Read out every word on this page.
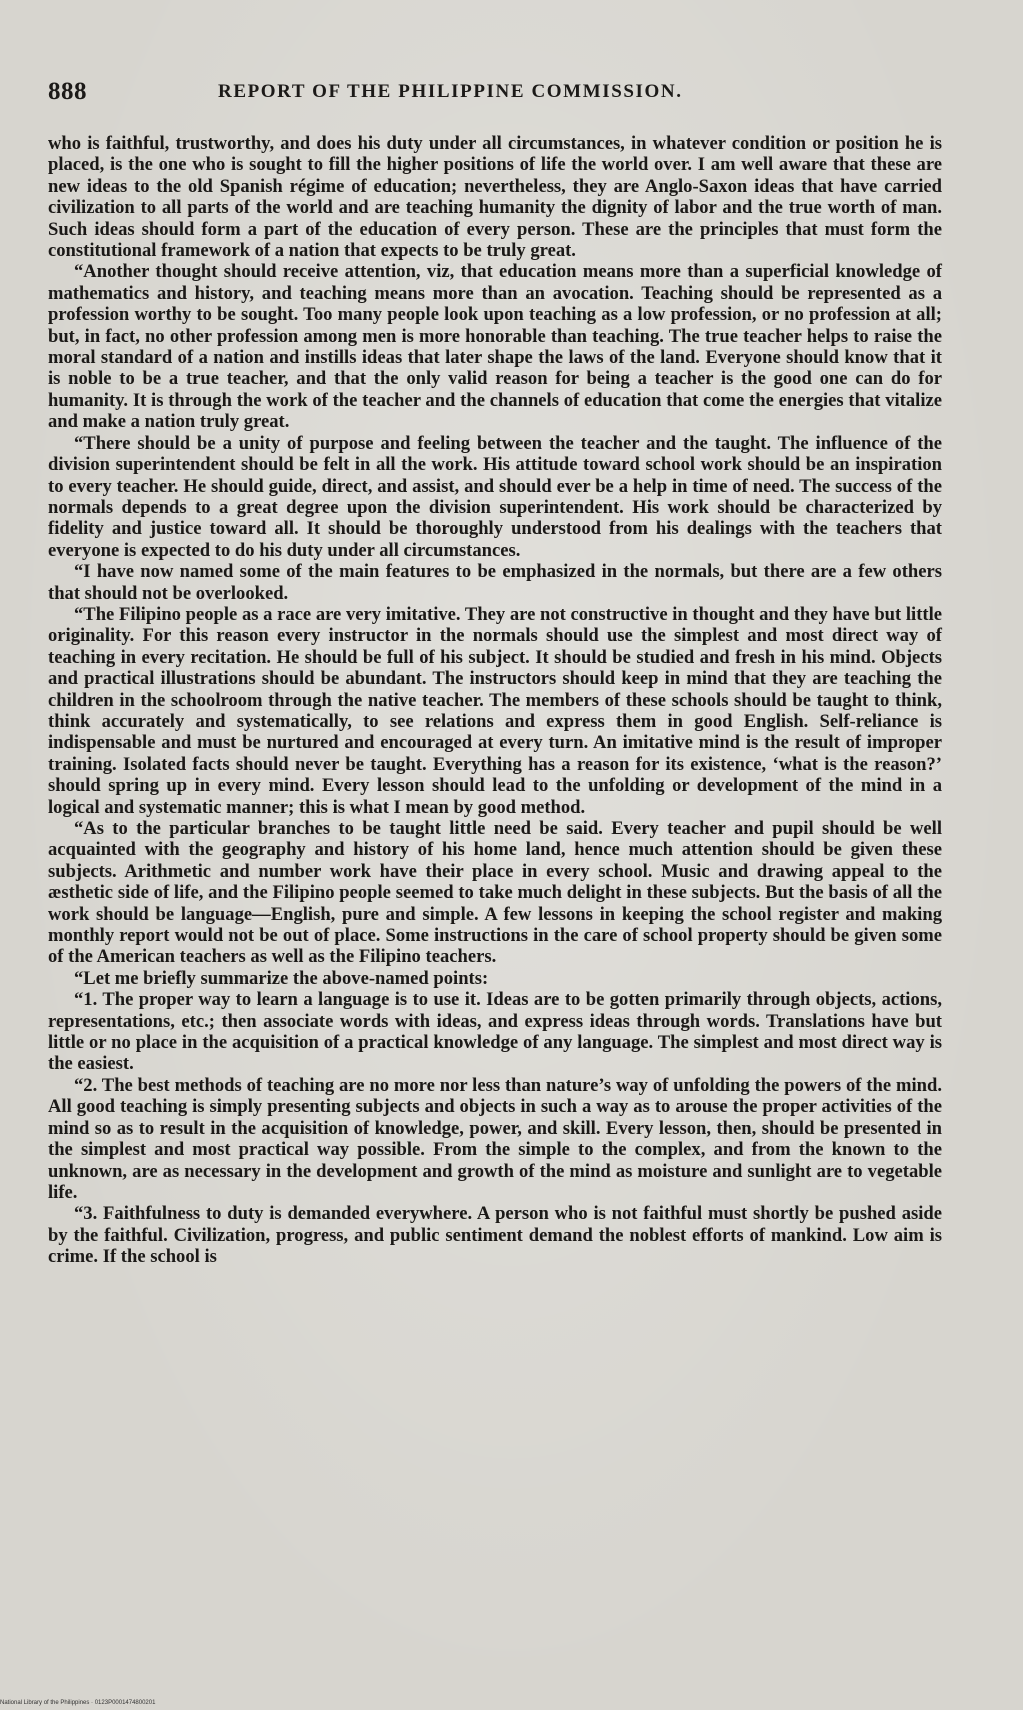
888	REPORT OF THE PHILIPPINE COMMISSION.

who is faithful, trustworthy, and does his duty under all circumstances, in whatever condition or position he is placed, is the one who is sought to fill the higher positions of life the world over. I am well aware that these are new ideas to the old Spanish régime of education; nevertheless, they are Anglo-Saxon ideas that have carried civilization to all parts of the world and are teaching humanity the dignity of labor and the true worth of man. Such ideas should form a part of the education of every person. These are the principles that must form the constitutional framework of a nation that expects to be truly great.

“Another thought should receive attention, viz, that education means more than a superficial knowledge of mathematics and history, and teaching means more than an avocation. Teaching should be represented as a profession worthy to be sought. Too many people look upon teaching as a low profession, or no profession at all; but, in fact, no other profession among men is more honorable than teaching. The true teacher helps to raise the moral standard of a nation and instills ideas that later shape the laws of the land. Everyone should know that it is noble to be a true teacher, and that the only valid reason for being a teacher is the good one can do for humanity. It is through the work of the teacher and the channels of education that come the energies that vitalize and make a nation truly great.

“There should be a unity of purpose and feeling between the teacher and the taught. The influence of the division superintendent should be felt in all the work. His attitude toward school work should be an inspiration to every teacher. He should guide, direct, and assist, and should ever be a help in time of need. The success of the normals depends to a great degree upon the division superintendent. His work should be characterized by fidelity and justice toward all. It should be thoroughly understood from his dealings with the teachers that everyone is expected to do his duty under all circumstances.

“I have now named some of the main features to be emphasized in the normals, but there are a few others that should not be overlooked.

“The Filipino people as a race are very imitative. They are not constructive in thought and they have but little originality. For this reason every instructor in the normals should use the simplest and most direct way of teaching in every recitation. He should be full of his subject. It should be studied and fresh in his mind. Objects and practical illustrations should be abundant. The instructors should keep in mind that they are teaching the children in the schoolroom through the native teacher. The members of these schools should be taught to think, think accurately and systematically, to see relations and express them in good English. Self-reliance is indispensable and must be nurtured and encouraged at every turn. An imitative mind is the result of improper training. Isolated facts should never be taught. Everything has a reason for its existence, ‘what is the reason?’ should spring up in every mind. Every lesson should lead to the unfolding or development of the mind in a logical and systematic manner; this is what I mean by good method.

“As to the particular branches to be taught little need be said. Every teacher and pupil should be well acquainted with the geography and history of his home land, hence much attention should be given these subjects. Arithmetic and number work have their place in every school. Music and drawing appeal to the æsthetic side of life, and the Filipino people seemed to take much delight in these subjects. But the basis of all the work should be language—English, pure and simple. A few lessons in keeping the school register and making monthly report would not be out of place. Some instructions in the care of school property should be given some of the American teachers as well as the Filipino teachers.

“Let me briefly summarize the above-named points:

“1. The proper way to learn a language is to use it. Ideas are to be gotten primarily through objects, actions, representations, etc.; then associate words with ideas, and express ideas through words. Translations have but little or no place in the acquisition of a practical knowledge of any language. The simplest and most direct way is the easiest.

“2. The best methods of teaching are no more nor less than nature’s way of unfolding the powers of the mind. All good teaching is simply presenting subjects and objects in such a way as to arouse the proper activities of the mind so as to result in the acquisition of knowledge, power, and skill. Every lesson, then, should be presented in the simplest and most practical way possible. From the simple to the complex, and from the known to the unknown, are as necessary in the development and growth of the mind as moisture and sunlight are to vegetable life.

“3. Faithfulness to duty is demanded everywhere. A person who is not faithful must shortly be pushed aside by the faithful. Civilization, progress, and public sentiment demand the noblest efforts of mankind. Low aim is crime. If the school is

National Library of the Philippines · 0123P0001474800201
